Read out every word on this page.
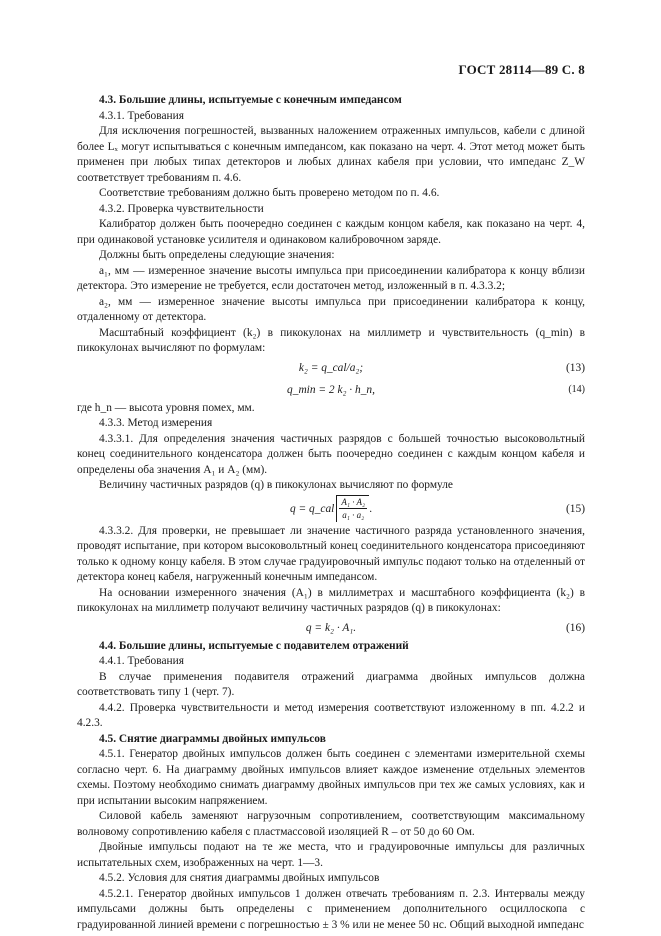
ГОСТ 28114—89 С. 8

4.3. Большие длины, испытуемые с конечным импедансом

4.3.1. Требования

Для исключения погрешностей, вызванных наложением отраженных импульсов, кабели с длиной более Lₓ могут испытываться с конечным импедансом, как показано на черт. 4. Этот метод может быть применен при любых типах детекторов и любых длинах кабеля при условии, что импеданс Z_W соответствует требованиям п. 4.6.

Соответствие требованиям должно быть проверено методом по п. 4.6.

4.3.2. Проверка чувствительности

Калибратор должен быть поочередно соединен с каждым концом кабеля, как показано на черт. 4, при одинаковой установке усилителя и одинаковом калибровочном заряде.

Должны быть определены следующие значения:

a₁, мм — измеренное значение высоты импульса при присоединении калибратора к концу вблизи детектора. Это измерение не требуется, если достаточен метод, изложенный в п. 4.3.3.2;

a₂, мм — измеренное значение высоты импульса при присоединении калибратора к концу, отдаленному от детектора.

Масштабный коэффициент (k₂) в пикокулонах на миллиметр и чувствительность (q_min) в пикокулонах вычисляют по формулам:

k₂ = q_cal/a₂;	(13)
q_min = 2 k₂ · h_n,	(14)

где h_n — высота уровня помех, мм.

4.3.3. Метод измерения

4.3.3.1. Для определения значения частичных разрядов с большей точностью высоковольтный конец соединительного конденсатора должен быть поочередно соединен с каждым концом кабеля и определены оба значения A₁ и A₂ (мм).

Величину частичных разрядов (q) в пикокулонах вычисляют по формуле

q = q_cal $\frac{\text{A₁ · A₂}}{\text{a₁ · a₂}}$ .	(15)

4.3.3.2. Для проверки, не превышает ли значение частичного разряда установленного значения, проводят испытание, при котором высоковольтный конец соединительного конденсатора присоединяют только к одному концу кабеля. В этом случае градуировочный импульс подают только на отделенный от детектора конец кабеля, нагруженный конечным импедансом.

На основании измеренного значения (A₁) в миллиметрах и масштабного коэффициента (k₂) в пикокулонах на миллиметр получают величину частичных разрядов (q) в пикокулонах:

q = k₂ · A₁.	(16)

4.4. Большие длины, испытуемые с подавителем отражений

4.4.1. Требования

В случае применения подавителя отражений диаграмма двойных импульсов должна соответствовать типу 1 (черт. 7).

4.4.2. Проверка чувствительности и метод измерения соответствуют изложенному в пп. 4.2.2 и 4.2.3.

4.5. Снятие диаграммы двойных импульсов

4.5.1. Генератор двойных импульсов должен быть соединен с элементами измерительной схемы согласно черт. 6. На диаграмму двойных импульсов влияет каждое изменение отдельных элементов схемы. Поэтому необходимо снимать диаграмму двойных импульсов при тех же самых условиях, как и при испытании высоким напряжением.

Силовой кабель заменяют нагрузочным сопротивлением, соответствующим максимальному волновому сопротивлению кабеля с пластмассовой изоляцией R – от 50 до 60 Ом.

Двойные импульсы подают на те же места, что и градуировочные импульсы для различных испытательных схем, изображенных на черт. 1—3.

4.5.2. Условия для снятия диаграммы двойных импульсов

4.5.2.1. Генератор двойных импульсов 1 должен отвечать требованиям п. 2.3. Интервалы между импульсами должны быть определены с применением дополнительного осциллоскопа с градуированной линией времени с погрешностью ± 3 % или не менее 50 нс. Общий выходной импеданс
